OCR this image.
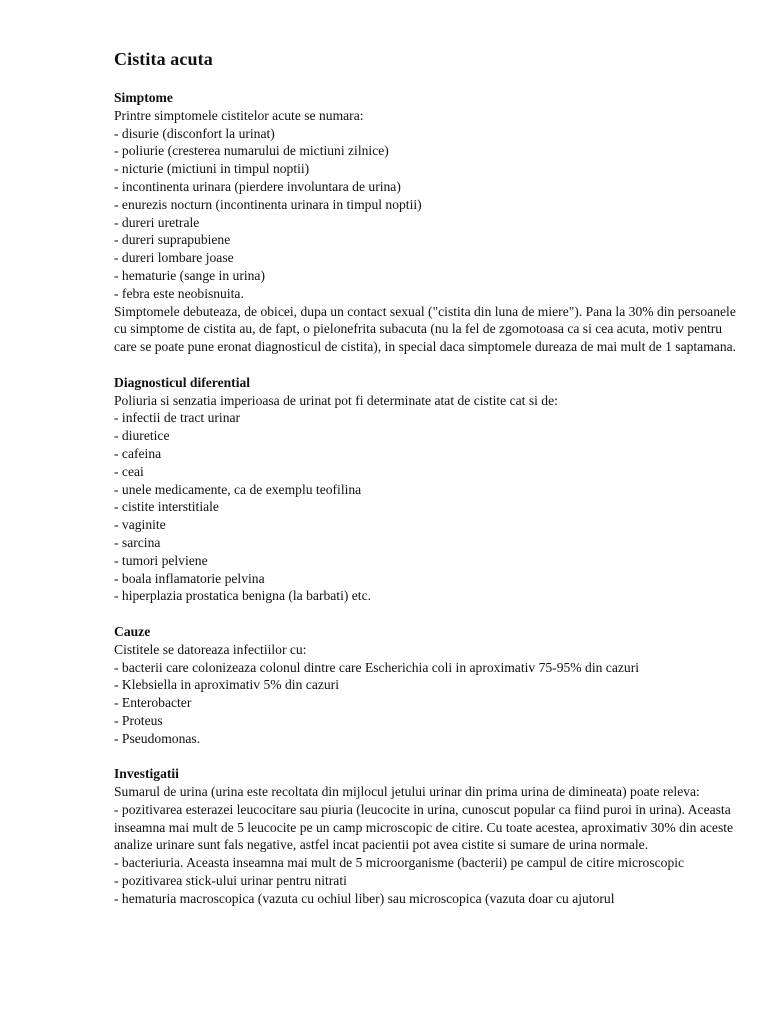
Cistita acuta
Simptome
Printre simptomele cistitelor acute se numara:
- disurie (disconfort la urinat)
- poliurie (cresterea numarului de mictiuni zilnice)
- nicturie (mictiuni in timpul noptii)
- incontinenta urinara (pierdere involuntara de urina)
- enurezis nocturn (incontinenta urinara in timpul noptii)
- dureri uretrale
- dureri suprapubiene
- dureri lombare joase
- hematurie (sange in urina)
- febra este neobisnuita.
Simptomele debuteaza, de obicei, dupa un contact sexual ("cistita din luna de miere"). Pana la 30% din persoanele cu simptome de cistita au, de fapt, o pielonefrita subacuta (nu la fel de zgomotoasa ca si cea acuta, motiv pentru care se poate pune eronat diagnosticul de cistita), in special daca simptomele dureaza de mai mult de 1 saptamana.
Diagnosticul diferential
Poliuria si senzatia imperioasa de urinat pot fi determinate atat de cistite cat si de:
- infectii de tract urinar
- diuretice
- cafeina
- ceai
- unele medicamente, ca de exemplu teofilina
- cistite interstitiale
- vaginite
- sarcina
- tumori pelviene
- boala inflamatorie pelvina
- hiperplazia prostatica benigna (la barbati) etc.
Cauze
Cistitele se datoreaza infectiilor cu:
- bacterii care colonizeaza colonul dintre care Escherichia coli in aproximativ 75-95% din cazuri
- Klebsiella in aproximativ 5% din cazuri
- Enterobacter
- Proteus
- Pseudomonas.
Investigatii
Sumarul de urina (urina este recoltata din mijlocul jetului urinar din prima urina de dimineata) poate releva:
- pozitivarea esterazei leucocitare sau piuria (leucocite in urina, cunoscut popular ca fiind puroi in urina). Aceasta inseamna mai mult de 5 leucocite pe un camp microscopic de citire. Cu toate acestea, aproximativ 30% din aceste analize urinare sunt fals negative, astfel incat pacientii pot avea cistite si sumare de urina normale.
- bacteriuria. Aceasta inseamna mai mult de 5 microorganisme (bacterii) pe campul de citire microscopic
- pozitivarea stick-ului urinar pentru nitrati
- hematuria macroscopica (vazuta cu ochiul liber) sau microscopica (vazuta doar cu ajutorul
